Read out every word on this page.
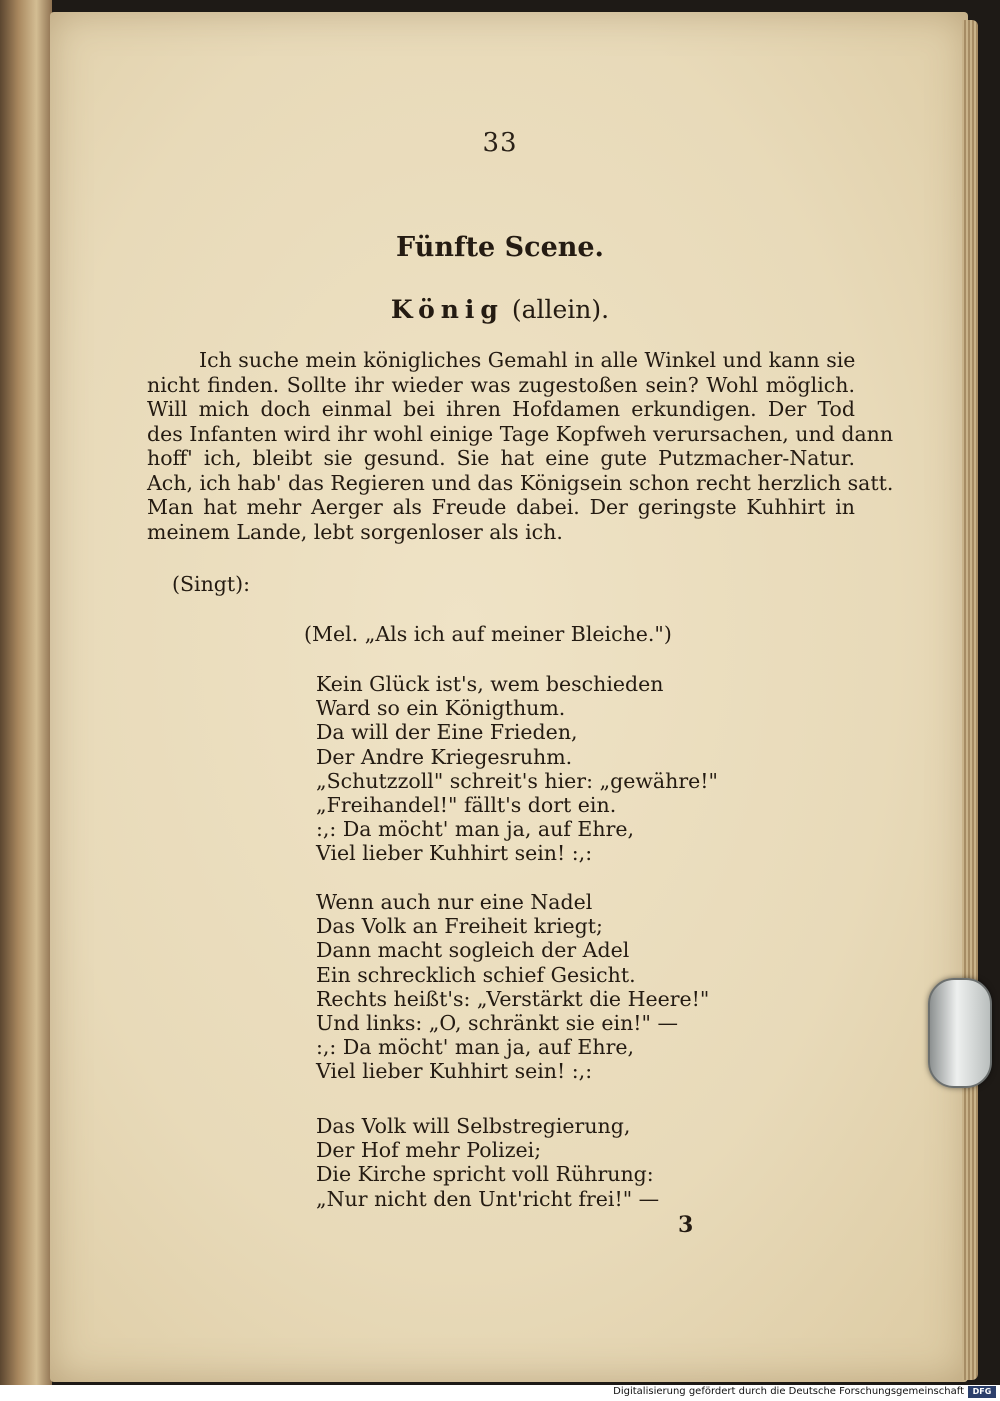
33
Fünfte Scene.
König (allein).
Ich suche mein königliches Gemahl in alle Winkel und kann sie
nicht finden. Sollte ihr wieder was zugestoßen sein? Wohl möglich.
Will mich doch einmal bei ihren Hofdamen erkundigen. Der Tod
des Infanten wird ihr wohl einige Tage Kopfweh verursachen, und dann
hoff' ich, bleibt sie gesund. Sie hat eine gute Putzmacher-Natur.
Ach, ich hab' das Regieren und das Königsein schon recht herzlich satt.
Man hat mehr Aerger als Freude dabei. Der geringste Kuhhirt in
meinem Lande, lebt sorgenloser als ich.
(Singt):
(Mel. „Als ich auf meiner Bleiche.")
Kein Glück ist's, wem beschieden
Ward so ein Königthum.
Da will der Eine Frieden,
Der Andre Kriegesruhm.
„Schutzzoll" schreit's hier: „gewähre!"
„Freihandel!" fällt's dort ein.
:,: Da möcht' man ja, auf Ehre,
Viel lieber Kuhhirt sein! :,:
Wenn auch nur eine Nadel
Das Volk an Freiheit kriegt;
Dann macht sogleich der Adel
Ein schrecklich schief Gesicht.
Rechts heißt's: „Verstärkt die Heere!"
Und links: „O, schränkt sie ein!" —
:,: Da möcht' man ja, auf Ehre,
Viel lieber Kuhhirt sein! :,:
Das Volk will Selbstregierung,
Der Hof mehr Polizei;
Die Kirche spricht voll Rührung:
„Nur nicht den Unt'richt frei!" —
3
Digitalisierung gefördert durch die Deutsche Forschungsgemeinschaft	DFG
